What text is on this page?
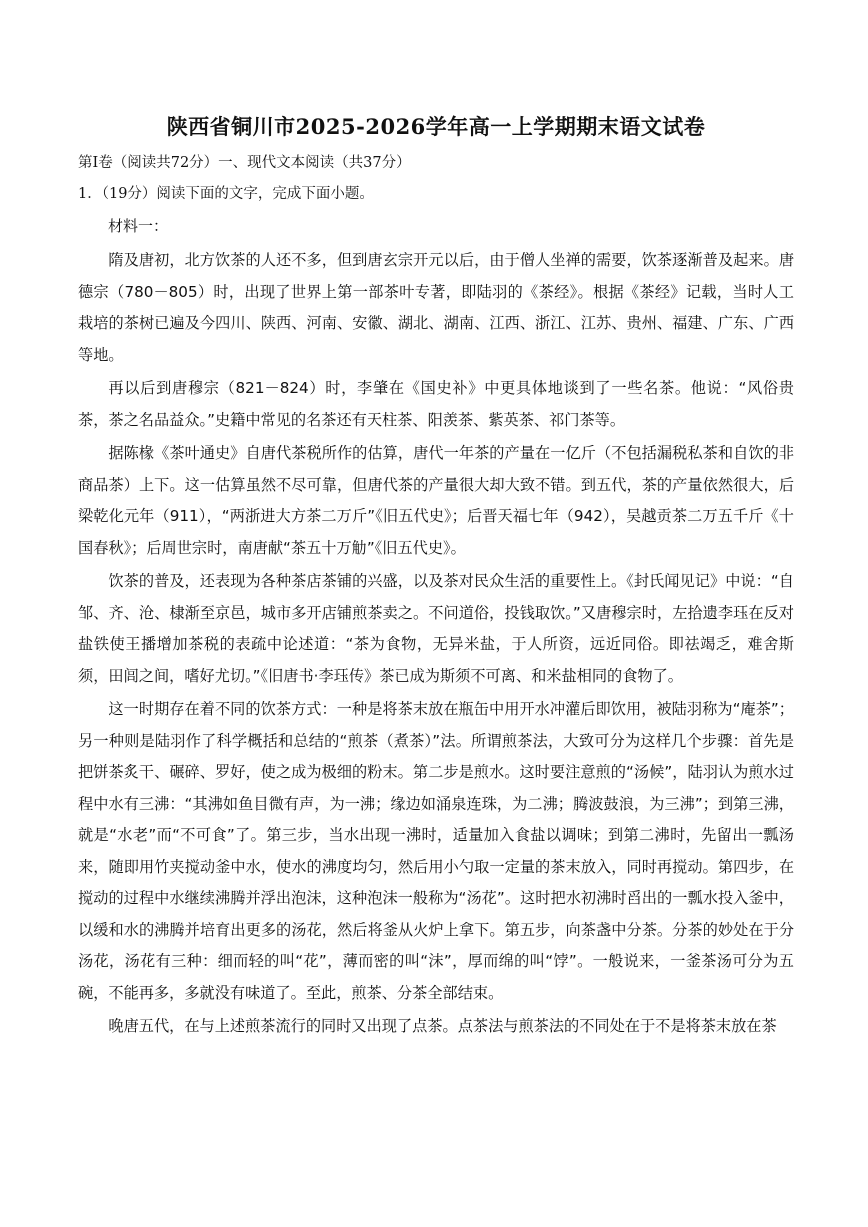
陕西省铜川市2025-2026学年高一上学期期末语文试卷
第Ⅰ卷（阅读共72分）一、现代文本阅读（共37分）
1．（19分）阅读下面的文字，完成下面小题。
材料一：

隋及唐初，北方饮茶的人还不多，但到唐玄宗开元以后，由于僧人坐禅的需要，饮茶逐渐普及起来。唐德宗（780－805）时，出现了世界上第一部茶叶专著，即陆羽的《茶经》。根据《茶经》记载，当时人工栽培的茶树已遍及今四川、陕西、河南、安徽、湖北、湖南、江西、浙江、江苏、贵州、福建、广东、广西等地。

再以后到唐穆宗（821－824）时，李肇在《国史补》中更具体地谈到了一些名茶。他说：“风俗贵茶，茶之名品益众。”史籍中常见的名茶还有天柱茶、阳羡茶、紫英茶、祁门茶等。

据陈椽《茶叶通史》自唐代茶税所作的估算，唐代一年茶的产量在一亿斤（不包括漏税私茶和自饮的非商品茶）上下。这一估算虽然不尽可靠，但唐代茶的产量很大却大致不错。到五代，茶的产量依然很大，后梁乾化元年（911），“两浙进大方茶二万斤”《旧五代史》；后晋天福七年（942），吴越贡茶二万五千斤《十国春秋》；后周世宗时，南唐献“茶五十万觔”《旧五代史》。

饮茶的普及，还表现为各种茶店茶铺的兴盛，以及茶对民众生活的重要性上。《封氏闻见记》中说：“自邹、齐、沧、棣渐至京邑，城市多开店铺煎茶卖之。不问道俗，投钱取饮。”又唐穆宗时，左拾遗李珏在反对盐铁使王播增加茶税的表疏中论述道：“茶为食物，无异米盐，于人所资，远近同俗。即祛竭乏，难舍斯须，田闾之间，嗜好尤切。”《旧唐书·李珏传》茶已成为斯须不可离、和米盐相同的食物了。

这一时期存在着不同的饮茶方式：一种是将茶末放在瓶缶中用开水冲灌后即饮用，被陆羽称为“庵茶”；另一种则是陆羽作了科学概括和总结的“煎茶（煮茶）”法。所谓煎茶法，大致可分为这样几个步骤：首先是把饼茶炙干、碾碎、罗好，使之成为极细的粉末。第二步是煎水。这时要注意煎的“汤候”，陆羽认为煎水过程中水有三沸：“其沸如鱼目微有声，为一沸；缘边如涌泉连珠，为二沸；腾波鼓浪，为三沸”；到第三沸，就是“水老”而“不可食”了。第三步，当水出现一沸时，适量加入食盐以调味；到第二沸时，先留出一瓢汤来，随即用竹夹搅动釜中水，使水的沸度均匀，然后用小勺取一定量的茶末放入，同时再搅动。第四步，在搅动的过程中水继续沸腾并浮出泡沫，这种泡沫一般称为“汤花”。这时把水初沸时舀出的一瓢水投入釜中，以缓和水的沸腾并培育出更多的汤花，然后将釜从火炉上拿下。第五步，向茶盏中分茶。分茶的妙处在于分汤花，汤花有三种：细而轻的叫“花”，薄而密的叫“沫”，厚而绵的叫“饽”。一般说来，一釜茶汤可分为五碗，不能再多，多就没有味道了。至此，煎茶、分茶全部结束。

晚唐五代，在与上述煎茶流行的同时又出现了点茶。点茶法与煎茶法的不同处在于不是将茶末放在茶
